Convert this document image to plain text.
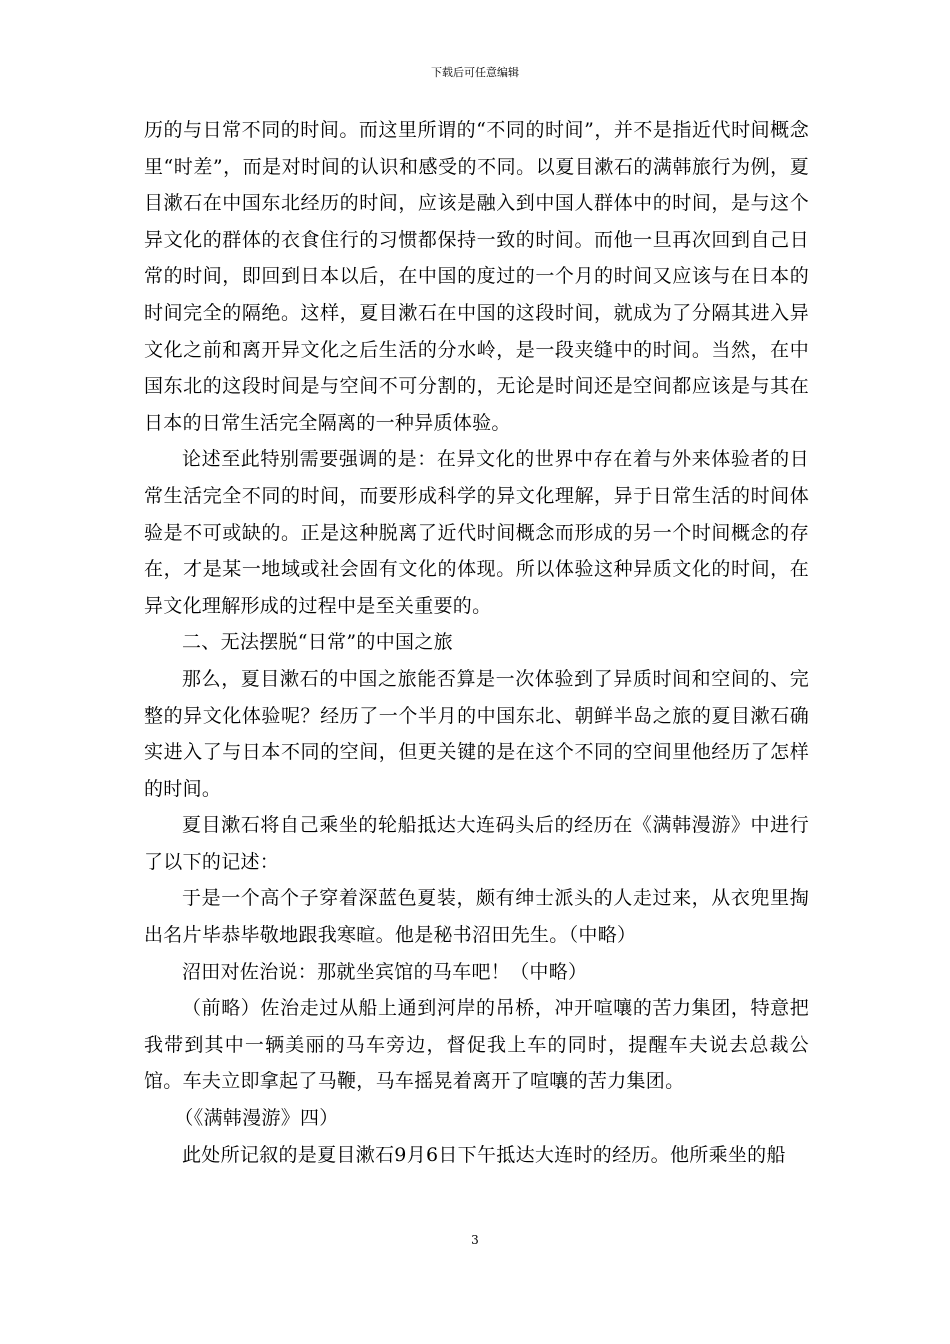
下载后可任意编辑

历的与日常不同的时间。而这里所谓的“不同的时间”，并不是指近代时间概念里“时差”，而是对时间的认识和感受的不同。以夏目漱石的满韩旅行为例，夏目漱石在中国东北经历的时间，应该是融入到中国人群体中的时间，是与这个异文化的群体的衣食住行的习惯都保持一致的时间。而他一旦再次回到自己日常的时间，即回到日本以后，在中国的度过的一个月的时间又应该与在日本的时间完全的隔绝。这样，夏目漱石在中国的这段时间，就成为了分隔其进入异文化之前和离开异文化之后生活的分水岭，是一段夹缝中的时间。当然，在中国东北的这段时间是与空间不可分割的，无论是时间还是空间都应该是与其在日本的日常生活完全隔离的一种异质体验。

论述至此特别需要强调的是：在异文化的世界中存在着与外来体验者的日常生活完全不同的时间，而要形成科学的异文化理解，异于日常生活的时间体验是不可或缺的。正是这种脱离了近代时间概念而形成的另一个时间概念的存在，才是某一地域或社会固有文化的体现。所以体验这种异质文化的时间，在异文化理解形成的过程中是至关重要的。

二、无法摆脱“日常”的中国之旅

那么，夏目漱石的中国之旅能否算是一次体验到了异质时间和空间的、完整的异文化体验呢？经历了一个半月的中国东北、朝鲜半岛之旅的夏目漱石确实进入了与日本不同的空间，但更关键的是在这个不同的空间里他经历了怎样的时间。

夏目漱石将自己乘坐的轮船抵达大连码头后的经历在《满韩漫游》中进行了以下的记述：

于是一个高个子穿着深蓝色夏装，颇有绅士派头的人走过来，从衣兜里掏出名片毕恭毕敬地跟我寒暄。他是秘书沼田先生。（中略）

沼田对佐治说：那就坐宾馆的马车吧！（中略）

（前略）佐治走过从船上通到河岸的吊桥，冲开喧嚷的苦力集团，特意把我带到其中一辆美丽的马车旁边，督促我上车的同时，提醒车夫说去总裁公馆。车夫立即拿起了马鞭，马车摇晃着离开了喧嚷的苦力集团。

（《满韩漫游》四）

此处所记叙的是夏目漱石9月6日下午抵达大连时的经历。他所乘坐的船

3
